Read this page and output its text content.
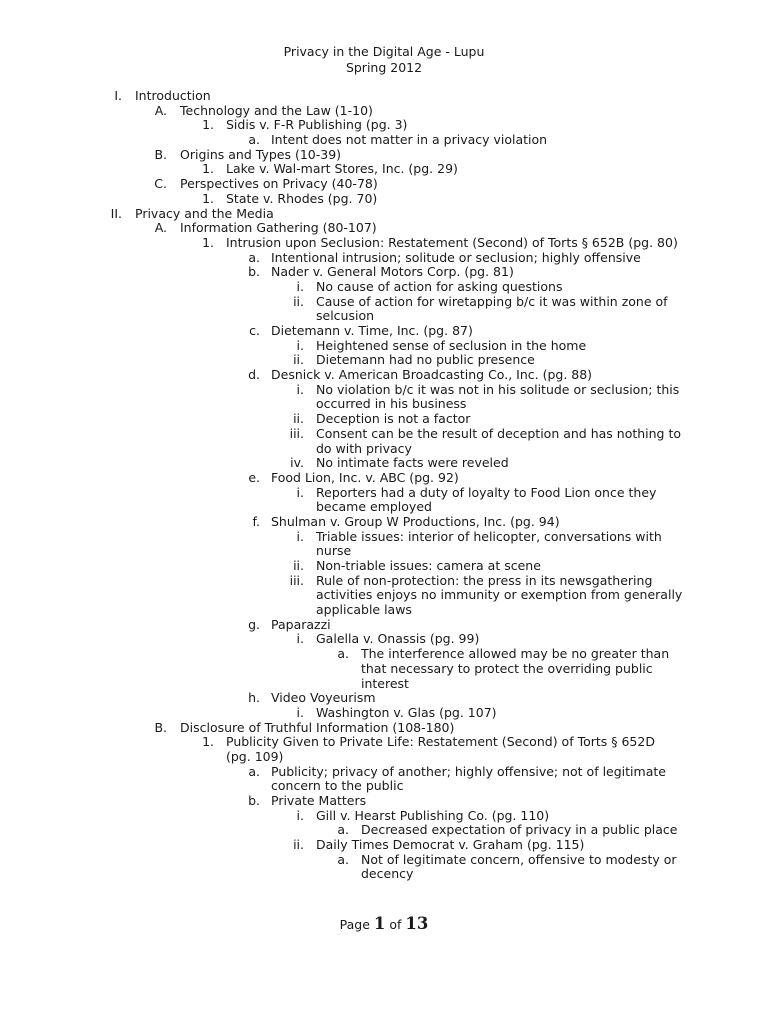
Privacy in the Digital Age - Lupu
Spring 2012
I. Introduction
A. Technology and the Law (1-10)
1. Sidis v. F-R Publishing (pg. 3)
a. Intent does not matter in a privacy violation
B. Origins and Types (10-39)
1. Lake v. Wal-mart Stores, Inc. (pg. 29)
C. Perspectives on Privacy (40-78)
1. State v. Rhodes (pg. 70)
II. Privacy and the Media
A. Information Gathering (80-107)
1. Intrusion upon Seclusion: Restatement (Second) of Torts § 652B (pg. 80)
a. Intentional intrusion; solitude or seclusion; highly offensive
b. Nader v. General Motors Corp. (pg. 81)
i. No cause of action for asking questions
ii. Cause of action for wiretapping b/c it was within zone of
selcusion
c. Dietemann v. Time, Inc. (pg. 87)
i. Heightened sense of seclusion in the home
ii. Dietemann had no public presence
d. Desnick v. American Broadcasting Co., Inc. (pg. 88)
i. No violation b/c it was not in his solitude or seclusion; this
occurred in his business
ii. Deception is not a factor
iii. Consent can be the result of deception and has nothing to
do with privacy
iv. No intimate facts were reveled
e. Food Lion, Inc. v. ABC (pg. 92)
i. Reporters had a duty of loyalty to Food Lion once they
became employed
f. Shulman v. Group W Productions, Inc. (pg. 94)
i. Triable issues: interior of helicopter, conversations with
nurse
ii. Non-triable issues: camera at scene
iii. Rule of non-protection: the press in its newsgathering
activities enjoys no immunity or exemption from generally
applicable laws
g. Paparazzi
i. Galella v. Onassis (pg. 99)
a. The interference allowed may be no greater than
that necessary to protect the overriding public
interest
h. Video Voyeurism
i. Washington v. Glas (pg. 107)
B. Disclosure of Truthful Information (108-180)
1. Publicity Given to Private Life: Restatement (Second) of Torts § 652D
(pg. 109)
a. Publicity; privacy of another; highly offensive; not of legitimate
concern to the public
b. Private Matters
i. Gill v. Hearst Publishing Co. (pg. 110)
a. Decreased expectation of privacy in a public place
ii. Daily Times Democrat v. Graham (pg. 115)
a. Not of legitimate concern, offensive to modesty or
decency
Page 1 of 13
